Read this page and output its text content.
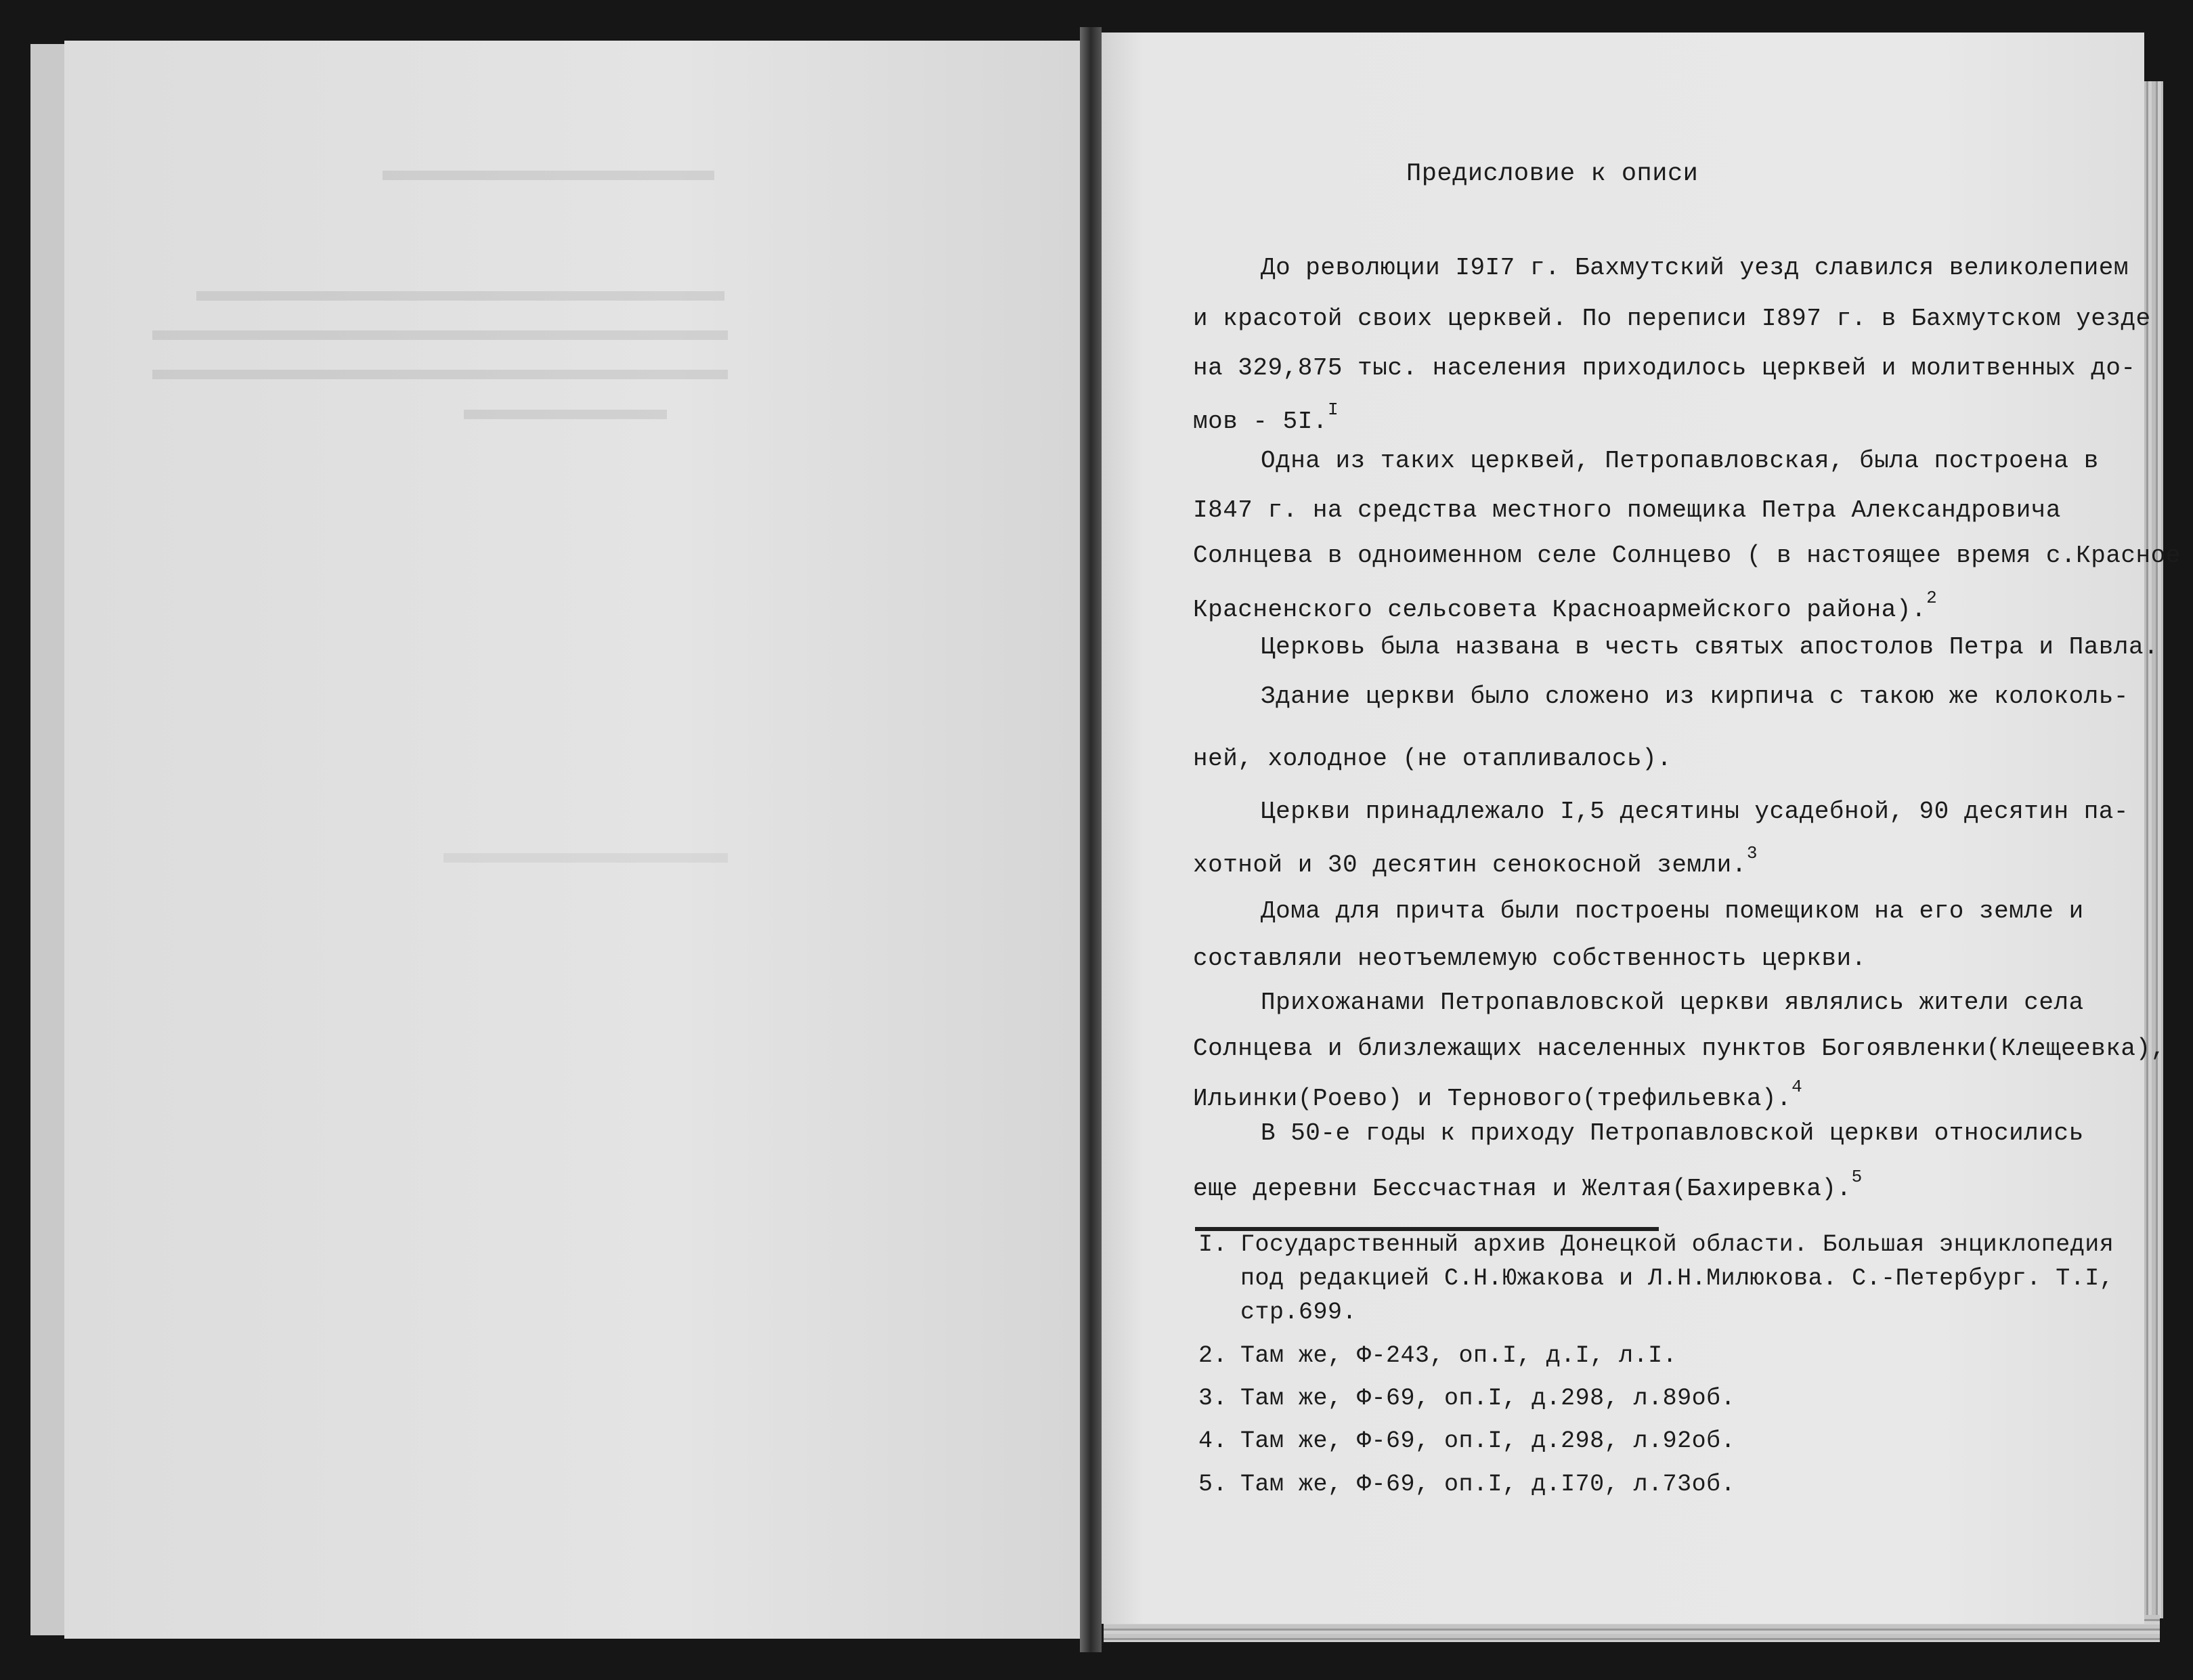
Предисловие к описи
До революции I9I7 г. Бахмутский уезд славился великолепием
и красотой своих церквей. По переписи I897 г. в Бахмутском уезде
на 329,875 тыс. населения приходилось церквей и молитвенных до-
мов - 5I.$^I$
Одна из таких церквей, Петропавловская, была построена в
I847 г. на средства местного помещика Петра Александровича
Солнцева в одноименном селе Солнцево ( в настоящее время с.Красное
Красненского сельсовета Красноармейского района).$^2$
Церковь была названа в честь святых апостолов Петра и Павла.
Здание церкви было сложено из кирпича с такою же колоколь-
ней, холодное (не отапливалось).
Церкви принадлежало I,5 десятины усадебной, 90 десятин па-
хотной и 30 десятин сенокосной земли.$^3$
Дома для причта были построены помещиком на его земле и
составляли неотъемлемую собственность церкви.
Прихожанами Петропавловской церкви являлись жители села
Солнцева и близлежащих населенных пунктов Богоявленки(Клещеевка),
Ильинки(Роево) и Тернового(трефильевка).$^4$
В 50-е годы к приходу Петропавловской церкви относились
еще деревни Бессчастная и Желтая(Бахиревка).$^5$
I. Государственный архив Донецкой области. Большая энциклопедия
под редакцией С.Н.Южакова и Л.Н.Милюкова. С.-Петербург. Т.I,
стр.699.
2. Там же, Ф-243, оп.I, д.I, л.I.
3. Там же, Ф-69, оп.I, д.298, л.89об.
4. Там же, Ф-69, оп.I, д.298, л.92об.
5. Там же, Ф-69, оп.I, д.I70, л.73об.
